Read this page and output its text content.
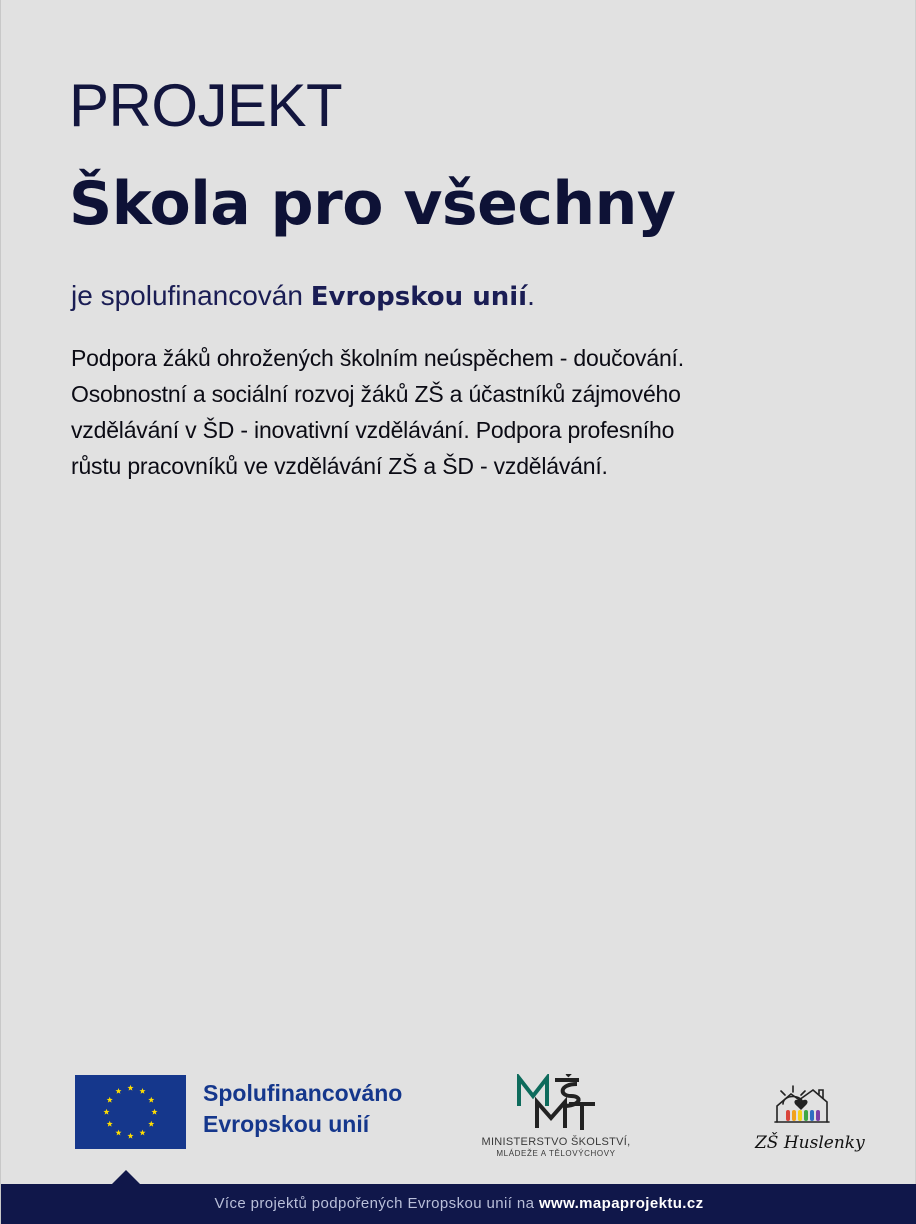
PROJEKT
Škola pro všechny
je spolufinancován Evropskou unií.

Podpora žáků ohrožených školním neúspěchem - doučování.

Osobnostní a sociální rozvoj žáků ZŠ a účastníků zájmového

vzdělávání v ŠD - inovativní vzdělávání. Podpora profesního

růstu pracovníků ve vzdělávání ZŠ a ŠD - vzdělávání.

Spolufinancováno
Evropskou unií
MINISTERSTVO ŠKOLSTVÍ,
MLÁDEŽE A TĚLOVÝCHOVY
ZŠ Huslenky
Více projektů podpořených Evropskou unií na www.mapaprojektu.cz
